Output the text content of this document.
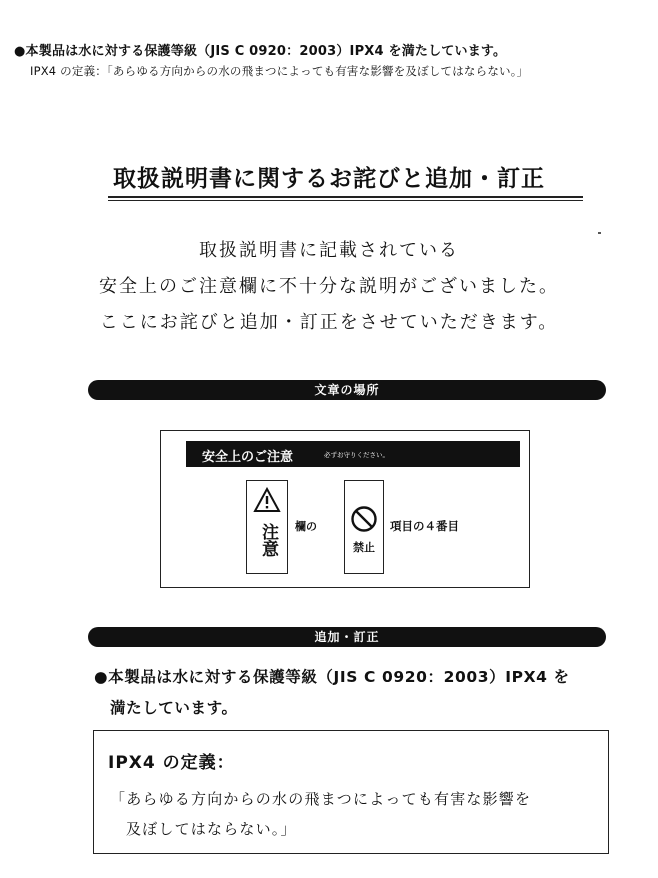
●本製品は水に対する保護等級（JIS C 0920：2003）IPX4 を満たしています。
IPX4 の定義：「あらゆる方向からの水の飛まつによっても有害な影響を及ぼしてはならない。」
取扱説明書に関するお詫びと追加・訂正
取扱説明書に記載されている
安全上のご注意欄に不十分な説明がございました。
ここにお詫びと追加・訂正をさせていただきます。
文章の場所
安全上のご注意	必ずお守りください。
注意 欄の
禁止
項目の４番目
追加・訂正
●本製品は水に対する保護等級（JIS C 0920：2003）IPX4 を
満たしています。
IPX4 の定義：
「あらゆる方向からの水の飛まつによっても有害な影響を
及ぼしてはならない。」
